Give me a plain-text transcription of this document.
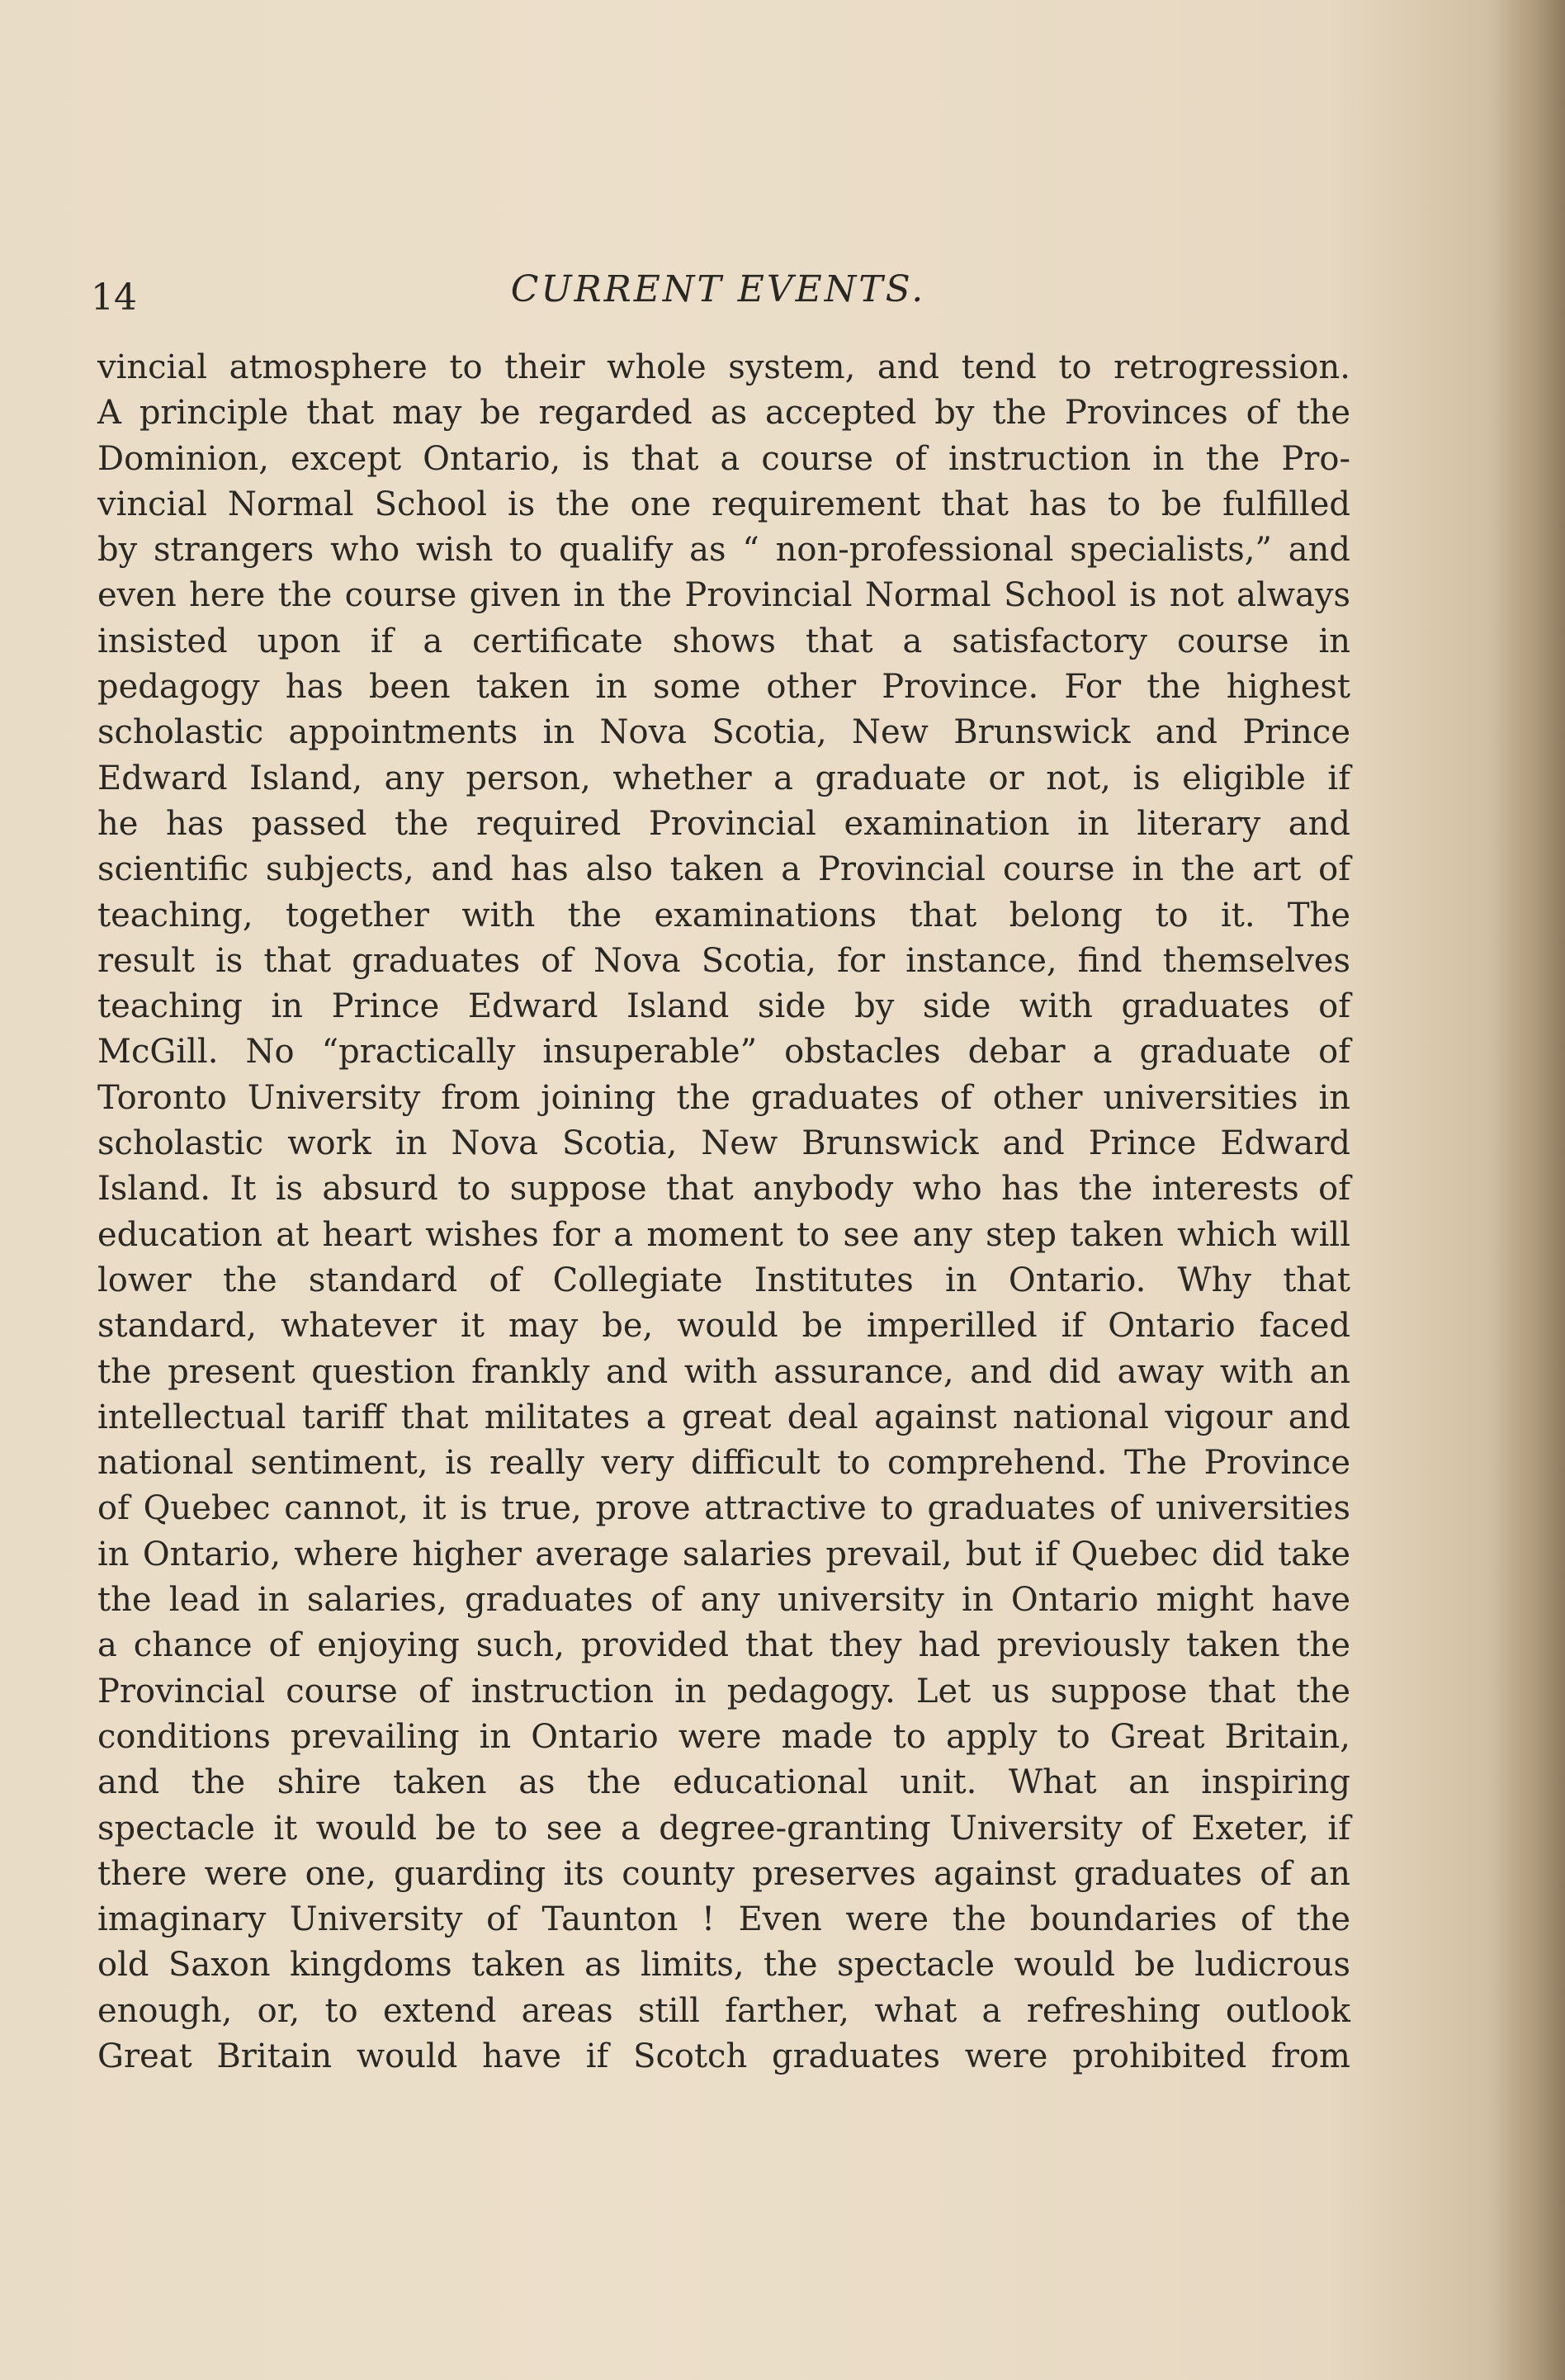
14	CURRENT EVENTS.
vincial atmosphere to their whole system, and tend to retrogression.
A principle that may be regarded as accepted by the Provinces of the
Dominion, except Ontario, is that a course of instruction in the Pro-
vincial Normal School is the one requirement that has to be fulfilled
by strangers who wish to qualify as “ non-professional specialists,” and
even here the course given in the Provincial Normal School is not always
insisted upon if a certificate shows that a satisfactory course in
pedagogy has been taken in some other Province. For the highest
scholastic appointments in Nova Scotia, New Brunswick and Prince
Edward Island, any person, whether a graduate or not, is eligible if
he has passed the required Provincial examination in literary and
scientific subjects, and has also taken a Provincial course in the art of
teaching, together with the examinations that belong to it. The
result is that graduates of Nova Scotia, for instance, find themselves
teaching in Prince Edward Island side by side with graduates of
McGill. No “practically insuperable” obstacles debar a graduate of
Toronto University from joining the graduates of other universities in
scholastic work in Nova Scotia, New Brunswick and Prince Edward
Island. It is absurd to suppose that anybody who has the interests of
education at heart wishes for a moment to see any step taken which will
lower the standard of Collegiate Institutes in Ontario. Why that
standard, whatever it may be, would be imperilled if Ontario faced
the present question frankly and with assurance, and did away with an
intellectual tariff that militates a great deal against national vigour and
national sentiment, is really very difficult to comprehend. The Province
of Quebec cannot, it is true, prove attractive to graduates of universities
in Ontario, where higher average salaries prevail, but if Quebec did take
the lead in salaries, graduates of any university in Ontario might have
a chance of enjoying such, provided that they had previously taken the
Provincial course of instruction in pedagogy. Let us suppose that the
conditions prevailing in Ontario were made to apply to Great Britain,
and the shire taken as the educational unit. What an inspiring
spectacle it would be to see a degree-granting University of Exeter, if
there were one, guarding its county preserves against graduates of an
imaginary University of Taunton ! Even were the boundaries of the
old Saxon kingdoms taken as limits, the spectacle would be ludicrous
enough, or, to extend areas still farther, what a refreshing outlook
Great Britain would have if Scotch graduates were prohibited from
